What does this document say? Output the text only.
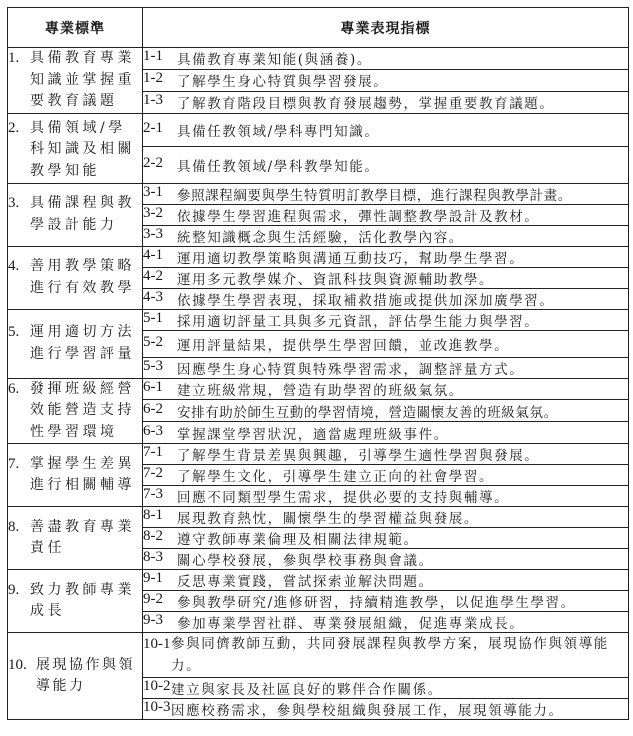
專業標準	專業表現指標

1. 具備教育專業
知識並掌握重
要教育議題	1-1 具備教育專業知能(與涵養)。

	1-2 了解學生身心特質與學習發展。

	1-3 了解教育階段目標與教育發展趨勢，掌握重要教育議題。

2. 具備領域/學
科知識及相關
教學知能	2-1 具備任教領域/學科專門知識。

	2-2 具備任教領域/學科教學知能。

3. 具備課程與教
學設計能力	3-1 參照課程綱要與學生特質明訂教學目標，進行課程與教學計畫。

	3-2 依據學生學習進程與需求，彈性調整教學設計及教材。

	3-3 統整知識概念與生活經驗，活化教學內容。

4. 善用教學策略
進行有效教學	4-1 運用適切教學策略與溝通互動技巧，幫助學生學習。

	4-2 運用多元教學媒介、資訊科技與資源輔助教學。

	4-3 依據學生學習表現，採取補救措施或提供加深加廣學習。

5. 運用適切方法
進行學習評量	5-1 採用適切評量工具與多元資訊，評估學生能力與學習。

	5-2 運用評量結果，提供學生學習回饋，並改進教學。

	5-3 因應學生身心特質與特殊學習需求，調整評量方式。

6. 發揮班級經營
效能營造支持
性學習環境	6-1 建立班級常規，營造有助學習的班級氣氛。

	6-2 安排有助於師生互動的學習情境，營造關懷友善的班級氣氛。

	6-3 掌握課堂學習狀況，適當處理班級事件。

7. 掌握學生差異
進行相關輔導	7-1 了解學生背景差異與興趣，引導學生適性學習與發展。

	7-2 了解學生文化，引導學生建立正向的社會學習。

	7-3 回應不同類型學生需求，提供必要的支持與輔導。

8. 善盡教育專業
責任	8-1 展現教育熱忱，關懷學生的學習權益與發展。

	8-2 遵守教師專業倫理及相關法律規範。

	8-3 關心學校發展，參與學校事務與會議。

9. 致力教師專業
成長	9-1 反思專業實踐，嘗試探索並解決問題。

	9-2 參與教學研究/進修研習，持續精進教學，以促進學生學習。

	9-3 參加專業學習社群、專業發展組織，促進專業成長。

10. 展現協作與領
導能力	10-1 參與同儕教師互動，共同發展課程與教學方案，展現協作與領導能力。

	10-2 建立與家長及社區良好的夥伴合作關係。

	10-3 因應校務需求，參與學校組織與發展工作，展現領導能力。
